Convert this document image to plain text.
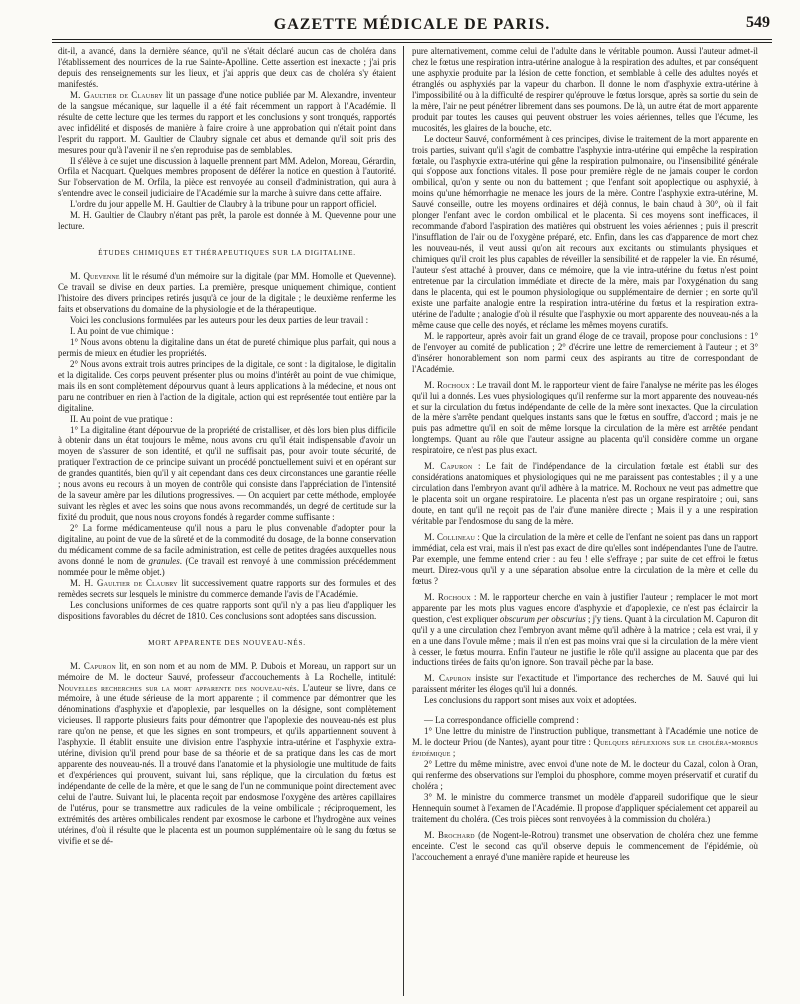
GAZETTE MÉDICALE DE PARIS.	549

dit-il, a avancé, dans la dernière séance, qu'il ne s'était déclaré aucun cas de choléra dans l'établissement des nourrices de la rue Sainte-Apolline. Cette assertion est inexacte ; j'ai pris depuis des renseignements sur les lieux, et j'ai appris que deux cas de choléra s'y étaient manifestés.

M. Gaultier de Claubry lit un passage d'une notice publiée par M. Alexandre, inventeur de la sangsue mécanique, sur laquelle il a été fait récemment un rapport à l'Académie. Il résulte de cette lecture que les termes du rapport et les conclusions y sont tronqués, rapportés avec infidélité et disposés de manière à faire croire à une approbation qui n'était point dans l'esprit du rapport. M. Gaultier de Claubry signale cet abus et demande qu'il soit pris des mesures pour qu'à l'avenir il ne s'en reproduise pas de semblables.

Il s'élève à ce sujet une discussion à laquelle prennent part MM. Adelon, Moreau, Gérardin, Orfila et Nacquart. Quelques membres proposent de déférer la notice en question à l'autorité. Sur l'observation de M. Orfila, la pièce est renvoyée au conseil d'administration, qui aura à s'entendre avec le conseil judiciaire de l'Académie sur la marche à suivre dans cette affaire.

L'ordre du jour appelle M. H. Gaultier de Claubry à la tribune pour un rapport officiel.

M. H. Gaultier de Claubry n'étant pas prêt, la parole est donnée à M. Quevenne pour une lecture.

ÉTUDES CHIMIQUES ET THÉRAPEUTIQUES SUR LA DIGITALINE.

M. Quevenne lit le résumé d'un mémoire sur la digitale (par MM. Homolle et Quevenne). Ce travail se divise en deux parties. La première, presque uniquement chimique, contient l'histoire des divers principes retirés jusqu'à ce jour de la digitale ; le deuxième renferme les faits et observations du domaine de la physiologie et de la thérapeutique.

Voici les conclusions formulées par les auteurs pour les deux parties de leur travail :

I. Au point de vue chimique :

1° Nous avons obtenu la digitaline dans un état de pureté chimique plus parfait, qui nous a permis de mieux en étudier les propriétés.

2° Nous avons extrait trois autres principes de la digitale, ce sont : la digitalose, le digitalin et la digitalide. Ces corps peuvent présenter plus ou moins d'intérêt au point de vue chimique, mais ils en sont complètement dépourvus quant à leurs applications à la médecine, et nous ont paru ne contribuer en rien à l'action de la digitale, action qui est représentée tout entière par la digitaline.

II. Au point de vue pratique :

1° La digitaline étant dépourvue de la propriété de cristalliser, et dès lors bien plus difficile à obtenir dans un état toujours le même, nous avons cru qu'il était indispensable d'avoir un moyen de s'assurer de son identité, et qu'il ne suffisait pas, pour avoir toute sécurité, de pratiquer l'extraction de ce principe suivant un procédé ponctuellement suivi et en opérant sur de grandes quantités, bien qu'il y ait cependant dans ces deux circonstances une garantie réelle ; nous avons eu recours à un moyen de contrôle qui consiste dans l'appréciation de l'intensité de la saveur amère par les dilutions progressives. — On acquiert par cette méthode, employée suivant les règles et avec les soins que nous avons recommandés, un degré de certitude sur la fixité du produit, que nous nous croyons fondés à regarder comme suffisante :

2° La forme médicamenteuse qu'il nous a paru le plus convenable d'adopter pour la digitaline, au point de vue de la sûreté et de la commodité du dosage, de la bonne conservation du médicament comme de sa facile administration, est celle de petites dragées auxquelles nous avons donné le nom de granules. (Ce travail est renvoyé à une commission précédemment nommée pour le même objet.)

M. H. Gaultier de Claubry lit successivement quatre rapports sur des formules et des remèdes secrets sur lesquels le ministre du commerce demande l'avis de l'Académie.

Les conclusions uniformes de ces quatre rapports sont qu'il n'y a pas lieu d'appliquer les dispositions favorables du décret de 1810. Ces conclusions sont adoptées sans discussion.

MORT APPARENTE DES NOUVEAU-NÉS.

M. Capuron lit, en son nom et au nom de MM. P. Dubois et Moreau, un rapport sur un mémoire de M. le docteur Sauvé, professeur d'accouchements à La Rochelle, intitulé: Nouvelles recherches sur la mort apparente des nouveau-nés. L'auteur se livre, dans ce mémoire, à une étude sérieuse de la mort apparente ; il commence par démontrer que les dénominations d'asphyxie et d'apoplexie, par lesquelles on la désigne, sont complètement vicieuses. Il rapporte plusieurs faits pour démontrer que l'apoplexie des nouveau-nés est plus rare qu'on ne pense, et que les signes en sont trompeurs, et qu'ils appartiennent souvent à l'asphyxie. Il établit ensuite une division entre l'asphyxie intra-utérine et l'asphyxie extra-utérine, division qu'il prend pour base de sa théorie et de sa pratique dans les cas de mort apparente des nouveau-nés. Il a trouvé dans l'anatomie et la physiologie une multitude de faits et d'expériences qui prouvent, suivant lui, sans réplique, que la circulation du fœtus est indépendante de celle de la mère, et que le sang de l'un ne communique point directement avec celui de l'autre. Suivant lui, le placenta reçoit par endosmose l'oxygène des artères capillaires de l'utérus, pour se transmettre aux radicules de la veine ombilicale ; réciproquement, les extrémités des artères ombilicales rendent par exosmose le carbone et l'hydrogène aux veines utérines, d'où il résulte que le placenta est un poumon supplémentaire où le sang du fœtus se vivifie et se dé-

pure alternativement, comme celui de l'adulte dans le véritable poumon. Aussi l'auteur admet-il chez le fœtus une respiration intra-utérine analogue à la respiration des adultes, et par conséquent une asphyxie produite par la lésion de cette fonction, et semblable à celle des adultes noyés et étranglés ou asphyxiés par la vapeur du charbon. Il donne le nom d'asphyxie extra-utérine à l'impossibilité ou à la difficulté de respirer qu'éprouve le fœtus lorsque, après sa sortie du sein de la mère, l'air ne peut pénétrer librement dans ses poumons. De là, un autre état de mort apparente produit par toutes les causes qui peuvent obstruer les voies aériennes, telles que l'écume, les mucosités, les glaires de la bouche, etc.

Le docteur Sauvé, conformément à ces principes, divise le traitement de la mort apparente en trois parties, suivant qu'il s'agit de combattre l'asphyxie intra-utérine qui empêche la respiration fœtale, ou l'asphyxie extra-utérine qui gêne la respiration pulmonaire, ou l'insensibilité générale qui s'oppose aux fonctions vitales. Il pose pour première règle de ne jamais couper le cordon ombilical, qu'on y sente ou non du battement ; que l'enfant soit apoplectique ou asphyxié, à moins qu'une hémorrhagie ne menace les jours de la mère. Contre l'asphyxie extra-utérine, M. Sauvé conseille, outre les moyens ordinaires et déjà connus, le bain chaud à 30°, où il fait plonger l'enfant avec le cordon ombilical et le placenta. Si ces moyens sont inefficaces, il recommande d'abord l'aspiration des matières qui obstruent les voies aériennes ; puis il prescrit l'insufflation de l'air ou de l'oxygène préparé, etc. Enfin, dans les cas d'apparence de mort chez les nouveau-nés, il veut aussi qu'on ait recours aux excitants ou stimulants physiques et chimiques qu'il croit les plus capables de réveiller la sensibilité et de rappeler la vie. En résumé, l'auteur s'est attaché à prouver, dans ce mémoire, que la vie intra-utérine du fœtus n'est point entretenue par la circulation immédiate et directe de la mère, mais par l'oxygénation du sang dans le placenta, qui est le poumon physiologique ou supplémentaire de dernier ; en sorte qu'il existe une parfaite analogie entre la respiration intra-utérine du fœtus et la respiration extra-utérine de l'adulte ; analogie d'où il résulte que l'asphyxie ou mort apparente des nouveau-nés a la même cause que celle des noyés, et réclame les mêmes moyens curatifs.

M. le rapporteur, après avoir fait un grand éloge de ce travail, propose pour conclusions : 1° de l'envoyer au comité de publication ; 2° d'écrire une lettre de remerciement à l'auteur ; et 3° d'insérer honorablement son nom parmi ceux des aspirants au titre de correspondant de l'Académie.

M. Rochoux : Le travail dont M. le rapporteur vient de faire l'analyse ne mérite pas les éloges qu'il lui a donnés. Les vues physiologiques qu'il renferme sur la mort apparente des nouveau-nés et sur la circulation du fœtus indépendante de celle de la mère sont inexactes. Que la circulation de la mère s'arrête pendant quelques instants sans que le fœtus en souffre, d'accord ; mais je ne puis pas admettre qu'il en soit de même lorsque la circulation de la mère est arrêtée pendant longtemps. Quant au rôle que l'auteur assigne au placenta qu'il considère comme un organe respiratoire, ce n'est pas plus exact.

M. Capuron : Le fait de l'indépendance de la circulation fœtale est établi sur des considérations anatomiques et physiologiques qui ne me paraissent pas contestables ; il y a une circulation dans l'embryon avant qu'il adhère à la matrice. M. Rochoux ne veut pas admettre que le placenta soit un organe respiratoire. Le placenta n'est pas un organe respiratoire ; oui, sans doute, en tant qu'il ne reçoit pas de l'air d'une manière directe ; Mais il y a une respiration véritable par l'endosmose du sang de la mère.

M. Collineau : Que la circulation de la mère et celle de l'enfant ne soient pas dans un rapport immédiat, cela est vrai, mais il n'est pas exact de dire qu'elles sont indépendantes l'une de l'autre. Par exemple, une femme entend crier : au feu ! elle s'effraye ; par suite de cet effroi le fœtus meurt. Direz-vous qu'il y a une séparation absolue entre la circulation de la mère et celle du fœtus ?

M. Rochoux : M. le rapporteur cherche en vain à justifier l'auteur ; remplacer le mot mort apparente par les mots plus vagues encore d'asphyxie et d'apoplexie, ce n'est pas éclaircir la question, c'est expliquer obscurum per obscurius ; j'y tiens. Quant à la circulation M. Capuron dit qu'il y a une circulation chez l'embryon avant même qu'il adhère à la matrice ; cela est vrai, il y en a une dans l'ovule même ; mais il n'en est pas moins vrai que si la circulation de la mère vient à cesser, le fœtus mourra. Enfin l'auteur ne justifie le rôle qu'il assigne au placenta que par des inductions tirées de faits qu'on ignore. Son travail pèche par la base.

M. Capuron insiste sur l'exactitude et l'importance des recherches de M. Sauvé qui lui paraissent mériter les éloges qu'il lui a donnés.

Les conclusions du rapport sont mises aux voix et adoptées.

— La correspondance officielle comprend :

1° Une lettre du ministre de l'instruction publique, transmettant à l'Académie une notice de M. le docteur Priou (de Nantes), ayant pour titre : Quelques réflexions sur le choléra-morbus épidémique ;

2° Lettre du même ministre, avec envoi d'une note de M. le docteur du Cazal, colon à Oran, qui renferme des observations sur l'emploi du phosphore, comme moyen préservatif et curatif du choléra ;

3° M. le ministre du commerce transmet un modèle d'appareil sudorifique que le sieur Hennequin soumet à l'examen de l'Académie. Il propose d'appliquer spécialement cet appareil au traitement du choléra. (Ces trois pièces sont renvoyées à la commission du choléra.)

M. Brochard (de Nogent-le-Rotrou) transmet une observation de choléra chez une femme enceinte. C'est le second cas qu'il observe depuis le commencement de l'épidémie, où l'accouchement a enrayé d'une manière rapide et heureuse les
